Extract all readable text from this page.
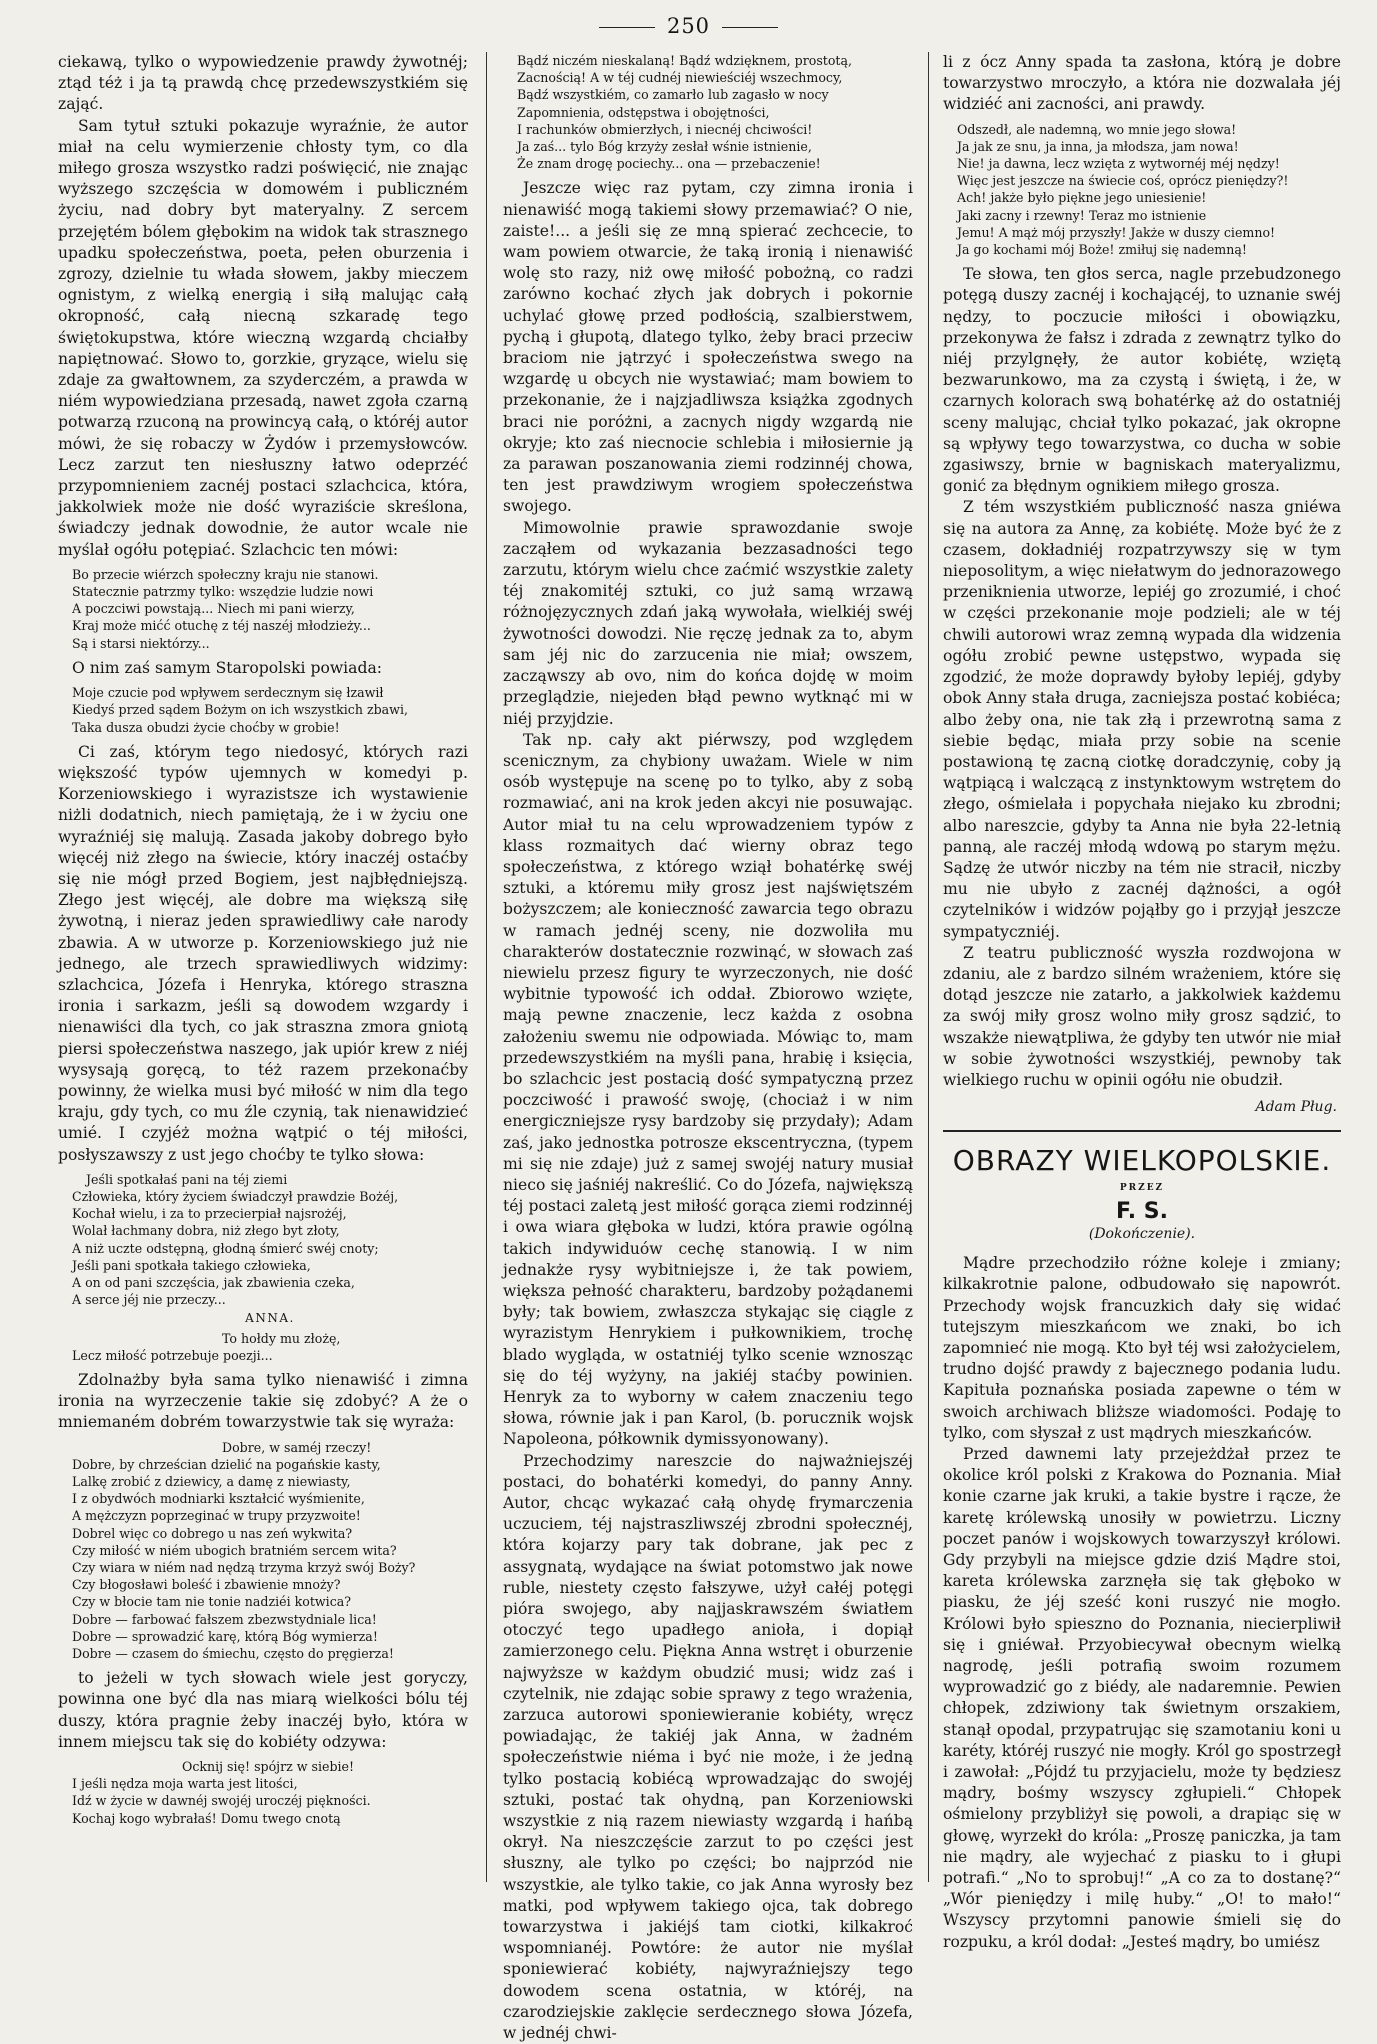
250

ciekawą, tylko o wypowiedzenie prawdy żywotnéj; ztąd téż i ja tą prawdą chcę przedewszystkiém się zająć.

Sam tytuł sztuki pokazuje wyraźnie, że autor miał na celu wymierzenie chłosty tym, co dla miłego grosza wszystko radzi poświęcić, nie znając wyższego szczęścia w domowém i publiczném życiu, nad dobry byt materyalny. Z sercem przejętém bólem głębokim na widok tak strasznego upadku społeczeństwa, poeta, pełen oburzenia i zgrozy, dzielnie tu włada słowem, jakby mieczem ognistym, z wielką energią i siłą malując całą okropność, całą niecną szkaradę tego świętokupstwa, które wieczną wzgardą chciałby napiętnować. Słowo to, gorzkie, gryzące, wielu się zdaje za gwałtownem, za szyderczém, a prawda w niém wypowiedziana przesadą, nawet zgoła czarną potwarzą rzuconą na prowincyą całą, o któréj autor mówi, że się robaczy w Żydów i przemysłowców. Lecz zarzut ten niesłuszny łatwo odeprzéć przypomnieniem zacnéj postaci szlachcica, która, jakkolwiek może nie dość wyraziście skreślona, świadczy jednak dowodnie, że autor wcale nie myślał ogółu potępiać. Szlachcic ten mówi:

Bo przecie wiérzch społeczny kraju nie stanowi.
Statecznie patrzmy tylko: wszędzie ludzie nowi
A poczciwi powstają... Niech mi pani wierzy,
Kraj może mićć otuchę z téj naszéj młodzieży...
Są i starsi niektórzy...

O nim zaś samym Staropolski powiada:

Moje czucie pod wpływem serdecznym się łzawił
Kiedyś przed sądem Bożym on ich wszystkich zbawi,
Taka dusza obudzi życie choćby w grobie!

Ci zaś, którym tego niedosyć, których razi większość typów ujemnych w komedyi p. Korzeniowskiego i wyrazistsze ich wystawienie niżli dodatnich, niech pamiętają, że i w życiu one wyraźniéj się malują. Zasada jakoby dobrego było więcéj niż złego na świecie, który inaczéj ostaćby się nie mógł przed Bogiem, jest najbłędniejszą. Złego jest więcéj, ale dobre ma większą siłę żywotną, i nieraz jeden sprawiedliwy całe narody zbawia. A w utworze p. Korzeniowskiego już nie jednego, ale trzech sprawiedliwych widzimy: szlachcica, Józefa i Henryka, którego straszna ironia i sarkazm, jeśli są dowodem wzgardy i nienawiści dla tych, co jak straszna zmora gniotą piersi społeczeństwa naszego, jak upiór krew z niéj wysysają goręcą, to téż razem przekonaćby powinny, że wielka musi być miłość w nim dla tego kraju, gdy tych, co mu źle czynią, tak nienawidzieć umié. I czyjéż można wątpić o téj miłości, posłyszawszy z ust jego choćby te tylko słowa:

Jeśli spotkałaś pani na téj ziemi
Człowieka, który życiem świadczył prawdzie Bożéj,
Kochał wielu, i za to przecierpiał najsrożéj,
Wolał łachmany dobra, niż złego byt złoty,
A niż uczte odstępną, głodną śmierć swéj cnoty;
Jeśli pani spotkała takiego człowieka,
A on od pani szczęścia, jak zbawienia czeka,
A serce jéj nie przeczy...
ANNA.
To hołdy mu złożę,
Lecz miłość potrzebuje poezji...

Zdolnażby była sama tylko nienawiść i zimna ironia na wyrzeczenie takie się zdobyć? A że o mniemaném dobrém towarzystwie tak się wyraża:

Dobre, w saméj rzeczy!
Dobre, by chrześcian dzielić na pogańskie kasty,
Lalkę zrobić z dziewicy, a damę z niewiasty,
I z obydwóch modniarki kształcić wyśmienite,
A mężczyzn poprzeginać w trupy przyzwoite!
Dobrel więc co dobrego u nas zeń wykwita?
Czy miłość w niém ubogich bratniém sercem wita?
Czy wiara w niém nad nędzą trzyma krzyż swój Boży?
Czy błogosławi boleść i zbawienie mnoży?
Czy w błocie tam nie tonie nadziéi kotwica?
Dobre — farbować fałszem zbezwstydniale lica!
Dobre — sprowadzić karę, którą Bóg wymierza!
Dobre — czasem do śmiechu, często do pręgierza!

to jeżeli w tych słowach wiele jest goryczy, powinna one być dla nas miarą wielkości bólu téj duszy, która pragnie żeby inaczéj było, która w innem miejscu tak się do kobiéty odzywa:

Ocknij się! spójrz w siebie!
I jeśli nędza moja warta jest litości,
Idź w życie w dawnéj swojéj uroczéj piękności.
Kochaj kogo wybrałaś! Domu twego cnotą
Bądź niczém nieskalaną! Bądź wdzięknem, prostotą,
Zacnością! A w téj cudnéj niewieściéj wszechmocy,
Bądź wszystkiém, co zamarło lub zagasło w nocy
Zapomnienia, odstępstwa i obojętności,
I rachunków obmierzłych, i niecnéj chciwości!
Ja zaś... tylo Bóg krzyży zesłał wśnie istnienie,
Że znam drogę pociechy... ona — przebaczenie!

Jeszcze więc raz pytam, czy zimna ironia i nienawiść mogą takiemi słowy przemawiać? O nie, zaiste!... a jeśli się ze mną spierać zechcecie, to wam powiem otwarcie, że taką ironią i nienawiść wolę sto razy, niż owę miłość pobożną, co radzi zarówno kochać złych jak dobrych i pokornie uchylać głowę przed podłością, szalbierstwem, pychą i głupotą, dlatego tylko, żeby braci przeciw braciom nie jątrzyć i społeczeństwa swego na wzgardę u obcych nie wystawiać; mam bowiem to przekonanie, że i najzjadliwsza książka zgodnych braci nie poróżni, a zacnych nigdy wzgardą nie okryje; kto zaś niecnocie schlebia i miłosiernie ją za parawan poszanowania ziemi rodzinnéj chowa, ten jest prawdziwym wrogiem społeczeństwa swojego.

Mimowolnie prawie sprawozdanie swoje zacząłem od wykazania bezzasadności tego zarzutu, którym wielu chce zaćmić wszystkie zalety téj znakomitéj sztuki, co już samą wrzawą różnojęzycznych zdań jaką wywołała, wielkiéj swéj żywotności dowodzi. Nie ręczę jednak za to, abym sam jéj nic do zarzucenia nie miał; owszem, zacząwszy ab ovo, nim do końca dojdę w moim przeglądzie, niejeden błąd pewno wytknąć mi w niéj przyjdzie.

Tak np. cały akt piérwszy, pod względem scenicznym, za chybiony uważam. Wiele w nim osób występuje na scenę po to tylko, aby z sobą rozmawiać, ani na krok jeden akcyi nie posuwając. Autor miał tu na celu wprowadzeniem typów z klass rozmaitych dać wierny obraz tego społeczeństwa, z którego wziął bohatérkę swéj sztuki, a któremu miły grosz jest najświętszém bożyszczem; ale konieczność zawarcia tego obrazu w ramach jednéj sceny, nie dozwoliła mu charakterów dostatecznie rozwinąć, w słowach zaś niewielu przesz figury te wyrzeczonych, nie dość wybitnie typowość ich oddał. Zbiorowo wzięte, mają pewne znaczenie, lecz każda z osobna założeniu swemu nie odpowiada. Mówiąc to, mam przedewszystkiém na myśli pana, hrabię i księcia, bo szlachcic jest postacią dość sympatyczną przez poczciwość i prawość swoję, (chociaż i w nim energiczniejsze rysy bardzoby się przydały); Adam zaś, jako jednostka potrosze ekscentryczna, (typem mi się nie zdaje) już z samej swojéj natury musiał nieco się jaśniéj nakreślić. Co do Józefa, największą téj postaci zaletą jest miłość gorąca ziemi rodzinnéj i owa wiara głęboka w ludzi, która prawie ogólną takich indywiduów cechę stanowią. I w nim jednakże rysy wybitniejsze i, że tak powiem, większa pełność charakteru, bardzoby pożądanemi były; tak bowiem, zwłaszcza stykając się ciągle z wyrazistym Henrykiem i pułkownikiem, trochę blado wygląda, w ostatniéj tylko scenie wznosząc się do téj wyżyny, na jakiéj staćby powinien. Henryk za to wyborny w całem znaczeniu tego słowa, równie jak i pan Karol, (b. porucznik wojsk Napoleona, półkownik dymissyonowany).

Przechodzimy nareszcie do najważniejszéj postaci, do bohatérki komedyi, do panny Anny. Autor, chcąc wykazać całą ohydę frymarczenia uczuciem, téj najstraszliwszéj zbrodni społecznéj, która kojarzy pary tak dobrane, jak pec z assygnatą, wydające na świat potomstwo jak nowe ruble, niestety często fałszywe, użył całéj potęgi pióra swojego, aby najjaskrawszém światłem otoczyć tego upadłego anioła, i dopiął zamierzonego celu. Piękna Anna wstręt i oburzenie najwyższe w każdym obudzić musi; widz zaś i czytelnik, nie zdając sobie sprawy z tego wrażenia, zarzuca autorowi sponiewieranie kobiéty, wręcz powiadając, że takiéj jak Anna, w żadném społeczeństwie niéma i być nie może, i że jedną tylko postacią kobiécą wprowadzając do swojéj sztuki, postać tak ohydną, pan Korzeniowski wszystkie z nią razem niewiasty wzgardą i hańbą okrył. Na nieszczęście zarzut to po części jest słuszny, ale tylko po części; bo najprzód nie wszystkie, ale tylko takie, co jak Anna wyrosły bez matki, pod wpływem takiego ojca, tak dobrego towarzystwa i jakiéjś tam ciotki, kilkakroć wspomnianéj. Powtóre: że autor nie myślał sponiewierać kobiéty, najwyraźniejszy tego dowodem scena ostatnia, w któréj, na czarodziejskie zaklęcie serdecznego słowa Józefa, w jednéj chwi-

li z ócz Anny spada ta zasłona, którą je dobre towarzystwo mroczyło, a która nie dozwalała jéj widziéć ani zacności, ani prawdy.

Odszedł, ale nademną, wo mnie jego słowa!
Ja jak ze snu, ja inna, ja młodsza, jam nowa!
Nie! ja dawna, lecz wzięta z wytwornéj méj nędzy!
Więc jest jeszcze na świecie coś, oprócz pieniędzy?!
Ach! jakże było piękne jego uniesienie!
Jaki zacny i rzewny! Teraz mo istnienie
Jemu! A mąż mój przyszły! Jakże w duszy ciemno!
Ja go kochami mój Boże! zmiłuj się nademną!

Te słowa, ten głos serca, nagle przebudzonego potęgą duszy zacnéj i kochającéj, to uznanie swéj nędzy, to poczucie miłości i obowiązku, przekonywa że fałsz i zdrada z zewnątrz tylko do niéj przylgnęły, że autor kobiétę, wziętą bezwarunkowo, ma za czystą i świętą, i że, w czarnych kolorach swą bohatérkę aż do ostatniéj sceny malując, chciał tylko pokazać, jak okropne są wpływy tego towarzystwa, co ducha w sobie zgasiwszy, brnie w bagniskach materyalizmu, gonić za błędnym ognikiem miłego grosza.

Z tém wszystkiém publiczność nasza gniéwa się na autora za Annę, za kobiétę. Może być że z czasem, dokładniéj rozpatrzywszy się w tym nieposolitym, a więc niełatwym do jednorazowego przeniknienia utworze, lepiéj go zrozumié, i choć w części przekonanie moje podzieli; ale w téj chwili autorowi wraz zemną wypada dla widzenia ogółu zrobić pewne ustępstwo, wypada się zgodzić, że może doprawdy byłoby lepiéj, gdyby obok Anny stała druga, zacniejsza postać kobiéca; albo żeby ona, nie tak złą i przewrotną sama z siebie będąc, miała przy sobie na scenie postawioną tę zacną ciotkę doradczynię, coby ją wątpiącą i walczącą z instynktowym wstrętem do złego, ośmielała i popychała niejako ku zbrodni; albo nareszcie, gdyby ta Anna nie była 22-letnią panną, ale raczéj młodą wdową po starym mężu. Sądzę że utwór niczby na tém nie stracił, niczby mu nie ubyło z zacnéj dążności, a ogół czytelników i widzów pojąłby go i przyjął jeszcze sympatyczniéj.

Z teatru publiczność wyszła rozdwojona w zdaniu, ale z bardzo silném wrażeniem, które się dotąd jeszcze nie zatarło, a jakkolwiek każdemu za swój miły grosz wolno miły grosz sądzić, to wszakże niewątpliwa, że gdyby ten utwór nie miał w sobie żywotności wszystkiéj, pewnoby tak wielkiego ruchu w opinii ogółu nie obudził.

Adam Pług.
OBRAZY WIELKOPOLSKIE.
PRZEZ
F. S.
(Dokończenie).

Mądre przechodziło różne koleje i zmiany; kilkakrotnie palone, odbudowało się napowrót. Przechody wojsk francuzkich dały się widać tutejszym mieszkańcom we znaki, bo ich zapomnieć nie mogą. Kto był téj wsi założycielem, trudno dojść prawdy z bajecznego podania ludu. Kapituła poznańska posiada zapewne o tém w swoich archiwach bliższe wiadomości. Podaję to tylko, com słyszał z ust mądrych mieszkańców.

Przed dawnemi laty przejeżdżał przez te okolice król polski z Krakowa do Poznania. Miał konie czarne jak kruki, a takie bystre i rącze, że karetę królewską unosiły w powietrzu. Liczny poczet panów i wojskowych towarzyszył królowi. Gdy przybyli na miejsce gdzie dziś Mądre stoi, kareta królewska zarznęła się tak głęboko w piasku, że jéj sześć koni ruszyć nie mogło. Królowi było spieszno do Poznania, niecierpliwił się i gniéwał. Przyobiecywał obecnym wielką nagrodę, jeśli potrafią swoim rozumem wyprowadzić go z biédy, ale nadaremnie. Pewien chłopek, zdziwiony tak świetnym orszakiem, stanął opodal, przypatrując się szamotaniu koni u karéty, któréj ruszyć nie mogły. Król go spostrzegł i zawołał: „Pójdź tu przyjacielu, może ty będziesz mądry, bośmy wszyscy zgłupieli.“ Chłopek ośmielony przybliżył się powoli, a drapiąc się w głowę, wyrzekł do króla: „Proszę paniczka, ja tam nie mądry, ale wyjechać z piasku to i głupi potrafi.“ „No to sprobuj!“ „A co za to dostanę?“ „Wór pieniędzy i milę huby.“ „O! to mało!“ Wszyscy przytomni panowie śmieli się do rozpuku, a król dodał: „Jesteś mądry, bo umiész
